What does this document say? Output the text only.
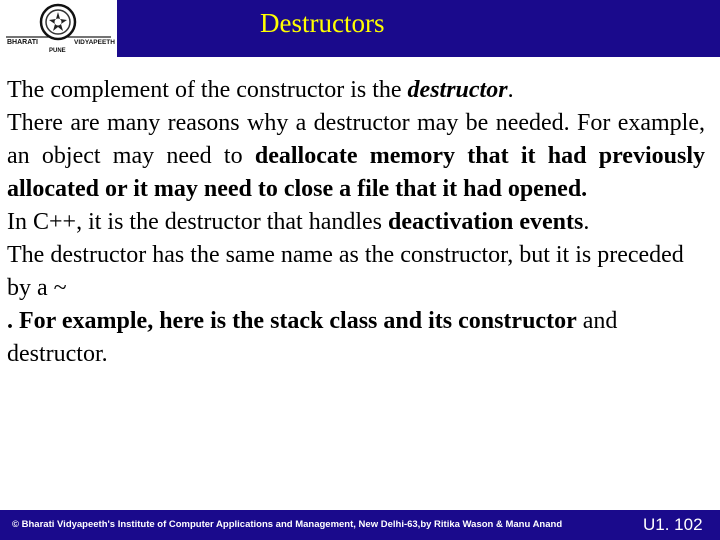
BHARATI	VIDYAPEETH
PUNE
Destructors

The complement of the constructor is the destructor.

There are many reasons why a destructor may be needed. For example, an object may need to deallocate memory that it had previously allocated or it may need to close a file that it had opened.

In C++, it is the destructor that handles deactivation events.

The destructor has the same name as the constructor, but it is preceded by a ~

. For example, here is the stack class and its constructor and destructor.

© Bharati Vidyapeeth's Institute of Computer Applications and Management, New Delhi-63,by Ritika Wason & Manu Anand	U1. 102
